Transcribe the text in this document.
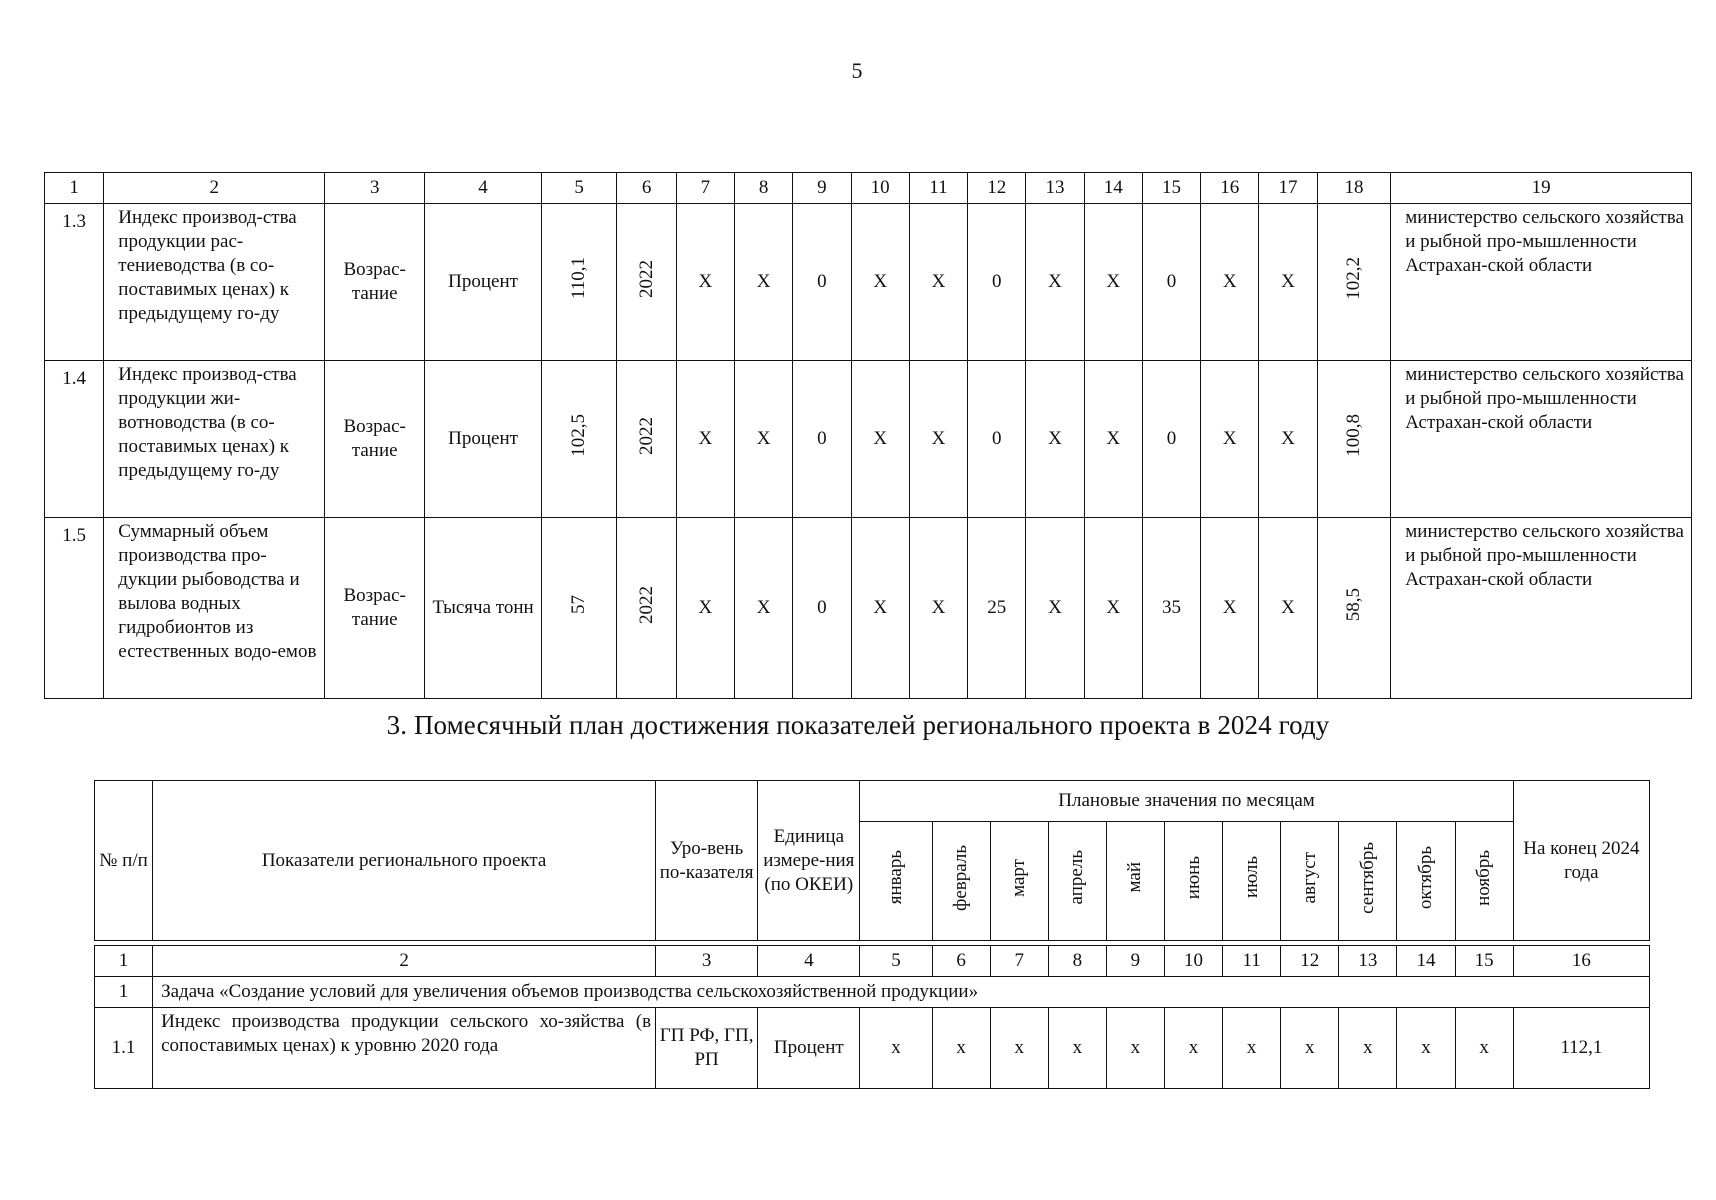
5
1	2	3	4	5	6	7	8	9	10	11	12	13	14	15	16	17	18	19
1.3	Индекс производ-ства продукции рас-тениеводства (в со-поставимых ценах) к предыдущему го-ду	Возрас-тание	Процент	110,1	2022	Х	Х	0	Х	Х	0	Х	Х	0	Х	Х	102,2	министерство сельского хозяйства и рыбной про-мышленности Астрахан-ской области
1.4	Индекс производ-ства продукции жи-вотноводства (в со-поставимых ценах) к предыдущему го-ду	Возрас-тание	Процент	102,5	2022	Х	Х	0	Х	Х	0	Х	Х	0	Х	Х	100,8	министерство сельского хозяйства и рыбной про-мышленности Астрахан-ской области
1.5	Суммарный объем производства про-дукции рыбоводства и вылова водных гидробионтов из естественных водо-емов	Возрас-тание	Тысяча тонн	57	2022	Х	Х	0	Х	Х	25	Х	Х	35	Х	Х	58,5	министерство сельского хозяйства и рыбной про-мышленности Астрахан-ской области
3. Помесячный план достижения показателей регионального проекта в 2024 году
№ п/п	Показатели регионального проекта	Уро-вень по-казателя	Единица измере-ния (по ОКЕИ)	Плановые значения по месяцам											На конец 2024 года
				январь	февраль	март	апрель	май	июнь	июль	август	сентябрь	октябрь	ноябрь	

1	2	3	4	5	6	7	8	9	10	11	12	13	14	15	16
1	Задача «Создание условий для увеличения объемов производства сельскохозяйственной продукции»														
1.1	Индекс производства продукции сельского хо-зяйства (в сопоставимых ценах) к уровню 2020 года	ГП РФ, ГП, РП	Процент	х	х	х	х	х	х	х	х	х	х	х	112,1
